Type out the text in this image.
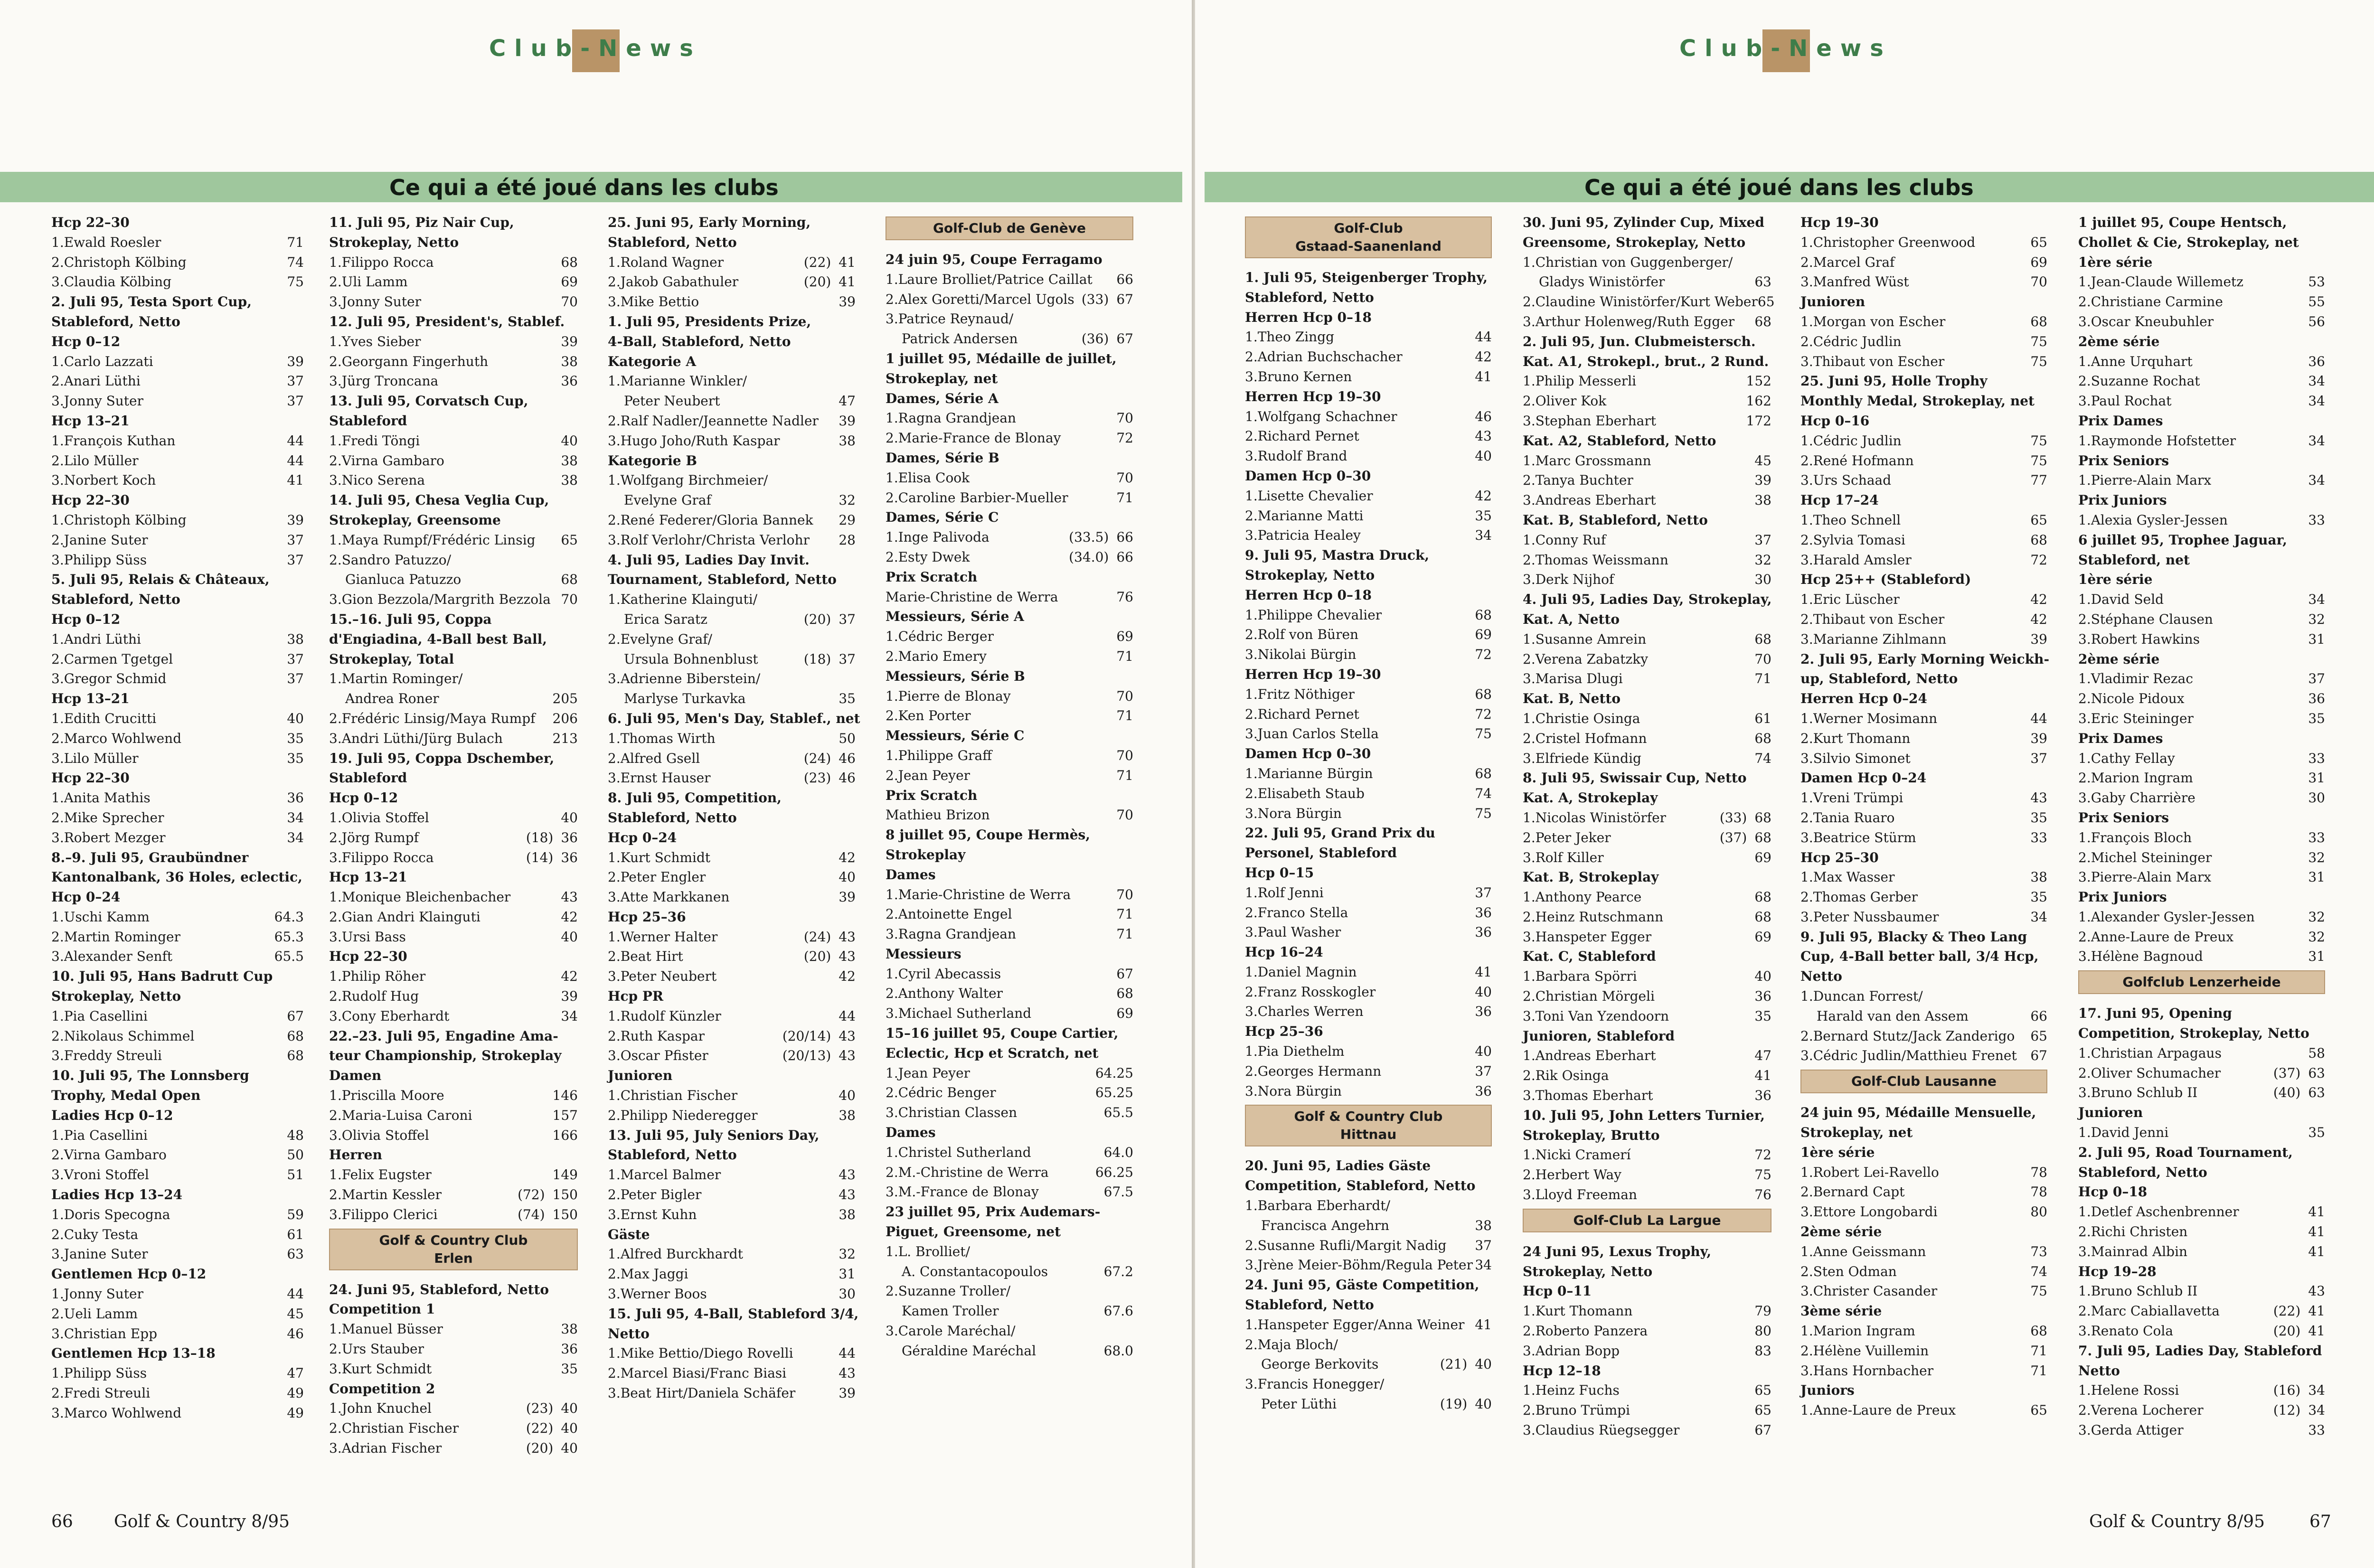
Club-News
Ce qui a été joué dans les clubs
Hcp 22–30
1.Ewald Roesler	71
2.Christoph Kölbing	74
3.Claudia Kölbing	75
2. Juli 95, Testa Sport Cup,
Stableford, Netto
Hcp 0–12
1.Carlo Lazzati	39
2.Anari Lüthi	37
3.Jonny Suter	37
Hcp 13–21
1.François Kuthan	44
2.Lilo Müller	44
3.Norbert Koch	41
Hcp 22–30
1.Christoph Kölbing	39
2.Janine Suter	37
3.Philipp Süss	37
5. Juli 95, Relais & Châteaux,
Stableford, Netto
Hcp 0–12
1.Andri Lüthi	38
2.Carmen Tgetgel	37
3.Gregor Schmid	37
Hcp 13–21
1.Edith Crucitti	40
2.Marco Wohlwend	35
3.Lilo Müller	35
Hcp 22–30
1.Anita Mathis	36
2.Mike Sprecher	34
3.Robert Mezger	34
8.–9. Juli 95, Graubündner
Kantonalbank, 36 Holes, eclectic,
Hcp 0–24
1.Uschi Kamm	64.3
2.Martin Rominger	65.3
3.Alexander Senft	65.5
10. Juli 95, Hans Badrutt Cup
Strokeplay, Netto
1.Pia Casellini	67
2.Nikolaus Schimmel	68
3.Freddy Streuli	68
10. Juli 95, The Lonnsberg
Trophy, Medal Open
Ladies Hcp 0–12
1.Pia Casellini	48
2.Virna Gambaro	50
3.Vroni Stoffel	51
Ladies Hcp 13–24
1.Doris Specogna	59
2.Cuky Testa	61
3.Janine Suter	63
Gentlemen Hcp 0–12
1.Jonny Suter	44
2.Ueli Lamm	45
3.Christian Epp	46
Gentlemen Hcp 13–18
1.Philipp Süss	47
2.Fredi Streuli	49
3.Marco Wohlwend	49
11. Juli 95, Piz Nair Cup,
Strokeplay, Netto
1.Filippo Rocca	68
2.Uli Lamm	69
3.Jonny Suter	70
12. Juli 95, President's, Stablef.
1.Yves Sieber	39
2.Georgann Fingerhuth	38
3.Jürg Troncana	36
13. Juli 95, Corvatsch Cup,
Stableford
1.Fredi Töngi	40
2.Virna Gambaro	38
3.Nico Serena	38
14. Juli 95, Chesa Veglia Cup,
Strokeplay, Greensome
1.Maya Rumpf/Frédéric Linsig 65
2.Sandro Patuzzo/
Gianluca Patuzzo	68
3.Gion Bezzola/Margrith Bezzola 70
15.–16. Juli 95, Coppa
d'Engiadina, 4-Ball best Ball,
Strokeplay, Total
1.Martin Rominger/
Andrea Roner	205
2.Frédéric Linsig/Maya Rumpf 206
3.Andri Lüthi/Jürg Bulach	213
19. Juli 95, Coppa Dschember,
Stableford
Hcp 0–12
1.Olivia Stoffel	40
2.Jörg Rumpf	(18) 36
3.Filippo Rocca	(14) 36
Hcp 13–21
1.Monique Bleichenbacher	43
2.Gian Andri Klainguti	42
3.Ursi Bass	40
Hcp 22–30
1.Philip Röher	42
2.Rudolf Hug	39
3.Cony Eberhardt	34
22.–23. Juli 95, Engadine Ama-
teur Championship, Strokeplay
Damen
1.Priscilla Moore	146
2.Maria-Luisa Caroni	157
3.Olivia Stoffel	166
Herren
1.Felix Eugster	149
2.Martin Kessler	(72) 150
3.Filippo Clerici	(74) 150
Golf & Country Club
Erlen
24. Juni 95, Stableford, Netto
Competition 1
1.Manuel Büsser	38
2.Urs Stauber	36
3.Kurt Schmidt	35
Competition 2
1.John Knuchel	(23) 40
2.Christian Fischer	(22) 40
3.Adrian Fischer	(20) 40
25. Juni 95, Early Morning,
Stableford, Netto
1.Roland Wagner	(22) 41
2.Jakob Gabathuler	(20) 41
3.Mike Bettio	39
1. Juli 95, Presidents Prize,
4-Ball, Stableford, Netto
Kategorie A
1.Marianne Winkler/
Peter Neubert	47
2.Ralf Nadler/Jeannette Nadler 39
3.Hugo Joho/Ruth Kaspar	38
Kategorie B
1.Wolfgang Birchmeier/
Evelyne Graf	32
2.René Federer/Gloria Bannek 29
3.Rolf Verlohr/Christa Verlohr 28
4. Juli 95, Ladies Day Invit.
Tournament, Stableford, Netto
1.Katherine Klainguti/
Erica Saratz	(20) 37
2.Evelyne Graf/
Ursula Bohnenblust	(18) 37
3.Adrienne Biberstein/
Marlyse Turkavka	35
6. Juli 95, Men's Day, Stablef., net
1.Thomas Wirth	50
2.Alfred Gsell	(24) 46
3.Ernst Hauser	(23) 46
8. Juli 95, Competition,
Stableford, Netto
Hcp 0–24
1.Kurt Schmidt	42
2.Peter Engler	40
3.Atte Markkanen	39
Hcp 25–36
1.Werner Halter	(24) 43
2.Beat Hirt	(20) 43
3.Peter Neubert	42
Hcp PR
1.Rudolf Künzler	44
2.Ruth Kaspar	(20/14) 43
3.Oscar Pfister	(20/13) 43
Junioren
1.Christian Fischer	40
2.Philipp Niederegger	38
13. Juli 95, July Seniors Day,
Stableford, Netto
1.Marcel Balmer	43
2.Peter Bigler	43
3.Ernst Kuhn	38
Gäste
1.Alfred Burckhardt	32
2.Max Jaggi	31
3.Werner Boos	30
15. Juli 95, 4-Ball, Stableford 3/4,
Netto
1.Mike Bettio/Diego Rovelli	44
2.Marcel Biasi/Franc Biasi	43
3.Beat Hirt/Daniela Schäfer	39
Golf-Club de Genève
24 juin 95, Coupe Ferragamo
1.Laure Brolliet/Patrice Caillat 66
2.Alex Goretti/Marcel Ugols (33) 67
3.Patrice Reynaud/
Patrick Andersen	(36) 67
1 juillet 95, Médaille de juillet,
Strokeplay, net
Dames, Série A
1.Ragna Grandjean	70
2.Marie-France de Blonay	72
Dames, Série B
1.Elisa Cook	70
2.Caroline Barbier-Mueller	71
Dames, Série C
1.Inge Palivoda	(33.5) 66
2.Esty Dwek	(34.0) 66
Prix Scratch
Marie-Christine de Werra	76
Messieurs, Série A
1.Cédric Berger	69
2.Mario Emery	71
Messieurs, Série B
1.Pierre de Blonay	70
2.Ken Porter	71
Messieurs, Série C
1.Philippe Graff	70
2.Jean Peyer	71
Prix Scratch
Mathieu Brizon	70
8 juillet 95, Coupe Hermès,
Strokeplay
Dames
1.Marie-Christine de Werra	70
2.Antoinette Engel	71
3.Ragna Grandjean	71
Messieurs
1.Cyril Abecassis	67
2.Anthony Walter	68
3.Michael Sutherland	69
15–16 juillet 95, Coupe Cartier,
Eclectic, Hcp et Scratch, net
1.Jean Peyer	64.25
2.Cédric Benger	65.25
3.Christian Classen	65.5
Dames
1.Christel Sutherland	64.0
2.M.-Christine de Werra	66.25
3.M.-France de Blonay	67.5
23 juillet 95, Prix Audemars-
Piguet, Greensome, net
1.L. Brolliet/
A. Constantacopoulos	67.2
2.Suzanne Troller/
Kamen Troller	67.6
3.Carole Maréchal/
Géraldine Maréchal	68.0
66 Golf & Country 8/95
Club-News
Ce qui a été joué dans les clubs
Golf-Club
Gstaad-Saanenland
1. Juli 95, Steigenberger Trophy,
Stableford, Netto
Herren Hcp 0–18
1.Theo Zingg	44
2.Adrian Buchschacher	42
3.Bruno Kernen	41
Herren Hcp 19–30
1.Wolfgang Schachner	46
2.Richard Pernet	43
3.Rudolf Brand	40
Damen Hcp 0–30
1.Lisette Chevalier	42
2.Marianne Matti	35
3.Patricia Healey	34
9. Juli 95, Mastra Druck,
Strokeplay, Netto
Herren Hcp 0–18
1.Philippe Chevalier	68
2.Rolf von Büren	69
3.Nikolai Bürgin	72
Herren Hcp 19–30
1.Fritz Nöthiger	68
2.Richard Pernet	72
3.Juan Carlos Stella	75
Damen Hcp 0–30
1.Marianne Bürgin	68
2.Elisabeth Staub	74
3.Nora Bürgin	75
22. Juli 95, Grand Prix du
Personel, Stableford
Hcp 0–15
1.Rolf Jenni	37
2.Franco Stella	36
3.Paul Washer	36
Hcp 16–24
1.Daniel Magnin	41
2.Franz Rosskogler	40
3.Charles Werren	36
Hcp 25–36
1.Pia Diethelm	40
2.Georges Hermann	37
3.Nora Bürgin	36
Golf & Country Club
Hittnau
20. Juni 95, Ladies Gäste
Competition, Stableford, Netto
1.Barbara Eberhardt/
Francisca Angehrn	38
2.Susanne Rufli/Margit Nadig 37
3.Jrène Meier-Böhm/Regula Peter 34
24. Juni 95, Gäste Competition,
Stableford, Netto
1.Hanspeter Egger/Anna Weiner 41
2.Maja Bloch/
George Berkovits	(21) 40
3.Francis Honegger/
Peter Lüthi	(19) 40
30. Juni 95, Zylinder Cup, Mixed
Greensome, Strokeplay, Netto
1.Christian von Guggenberger/
Gladys Winistörfer	63
2.Claudine Winistörfer/Kurt Weber 65
3.Arthur Holenweg/Ruth Egger 68
2. Juli 95, Jun. Clubmeistersch.
Kat. A1, Strokepl., brut., 2 Rund.
1.Philip Messerli	152
2.Oliver Kok	162
3.Stephan Eberhart	172
Kat. A2, Stableford, Netto
1.Marc Grossmann	45
2.Tanya Buchter	39
3.Andreas Eberhart	38
Kat. B, Stableford, Netto
1.Conny Ruf	37
2.Thomas Weissmann	32
3.Derk Nijhof	30
4. Juli 95, Ladies Day, Strokeplay,
Kat. A, Netto
1.Susanne Amrein	68
2.Verena Zabatzky	70
3.Marisa Dlugi	71
Kat. B, Netto
1.Christie Osinga	61
2.Cristel Hofmann	68
3.Elfriede Kündig	74
8. Juli 95, Swissair Cup, Netto
Kat. A, Strokeplay
1.Nicolas Winistörfer	(33) 68
2.Peter Jeker	(37) 68
3.Rolf Killer	69
Kat. B, Strokeplay
1.Anthony Pearce	68
2.Heinz Rutschmann	68
3.Hanspeter Egger	69
Kat. C, Stableford
1.Barbara Spörri	40
2.Christian Mörgeli	36
3.Toni Van Yzendoorn	35
Junioren, Stableford
1.Andreas Eberhart	47
2.Rik Osinga	41
3.Thomas Eberhart	36
10. Juli 95, John Letters Turnier,
Strokeplay, Brutto
1.Nicki Cramerí	72
2.Herbert Way	75
3.Lloyd Freeman	76
Golf-Club La Largue
24 Juni 95, Lexus Trophy,
Strokeplay, Netto
Hcp 0–11
1.Kurt Thomann	79
2.Roberto Panzera	80
3.Adrian Bopp	83
Hcp 12–18
1.Heinz Fuchs	65
2.Bruno Trümpi	65
3.Claudius Rüegsegger	67
Hcp 19–30
1.Christopher Greenwood	65
2.Marcel Graf	69
3.Manfred Wüst	70
Junioren
1.Morgan von Escher	68
2.Cédric Judlin	75
3.Thibaut von Escher	75
25. Juni 95, Holle Trophy
Monthly Medal, Strokeplay, net
Hcp 0–16
1.Cédric Judlin	75
2.René Hofmann	75
3.Urs Schaad	77
Hcp 17–24
1.Theo Schnell	65
2.Sylvia Tomasi	68
3.Harald Amsler	72
Hcp 25++ (Stableford)
1.Eric Lüscher	42
2.Thibaut von Escher	42
3.Marianne Zihlmann	39
2. Juli 95, Early Morning Weickh-
up, Stableford, Netto
Herren Hcp 0–24
1.Werner Mosimann	44
2.Kurt Thomann	39
3.Silvio Simonet	37
Damen Hcp 0–24
1.Vreni Trümpi	43
2.Tania Ruaro	35
3.Beatrice Stürm	33
Hcp 25–30
1.Max Wasser	38
2.Thomas Gerber	35
3.Peter Nussbaumer	34
9. Juli 95, Blacky & Theo Lang
Cup, 4-Ball better ball, 3/4 Hcp,
Netto
1.Duncan Forrest/
Harald van den Assem	66
2.Bernard Stutz/Jack Zanderigo 65
3.Cédric Judlin/Matthieu Frenet 67
Golf-Club Lausanne
24 juin 95, Médaille Mensuelle,
Strokeplay, net
1ère série
1.Robert Lei-Ravello	78
2.Bernard Capt	78
3.Ettore Longobardi	80
2ème série
1.Anne Geissmann	73
2.Sten Odman	74
3.Christer Casander	75
3ème série
1.Marion Ingram	68
2.Hélène Vuillemin	71
3.Hans Hornbacher	71
Juniors
1.Anne-Laure de Preux	65
1 juillet 95, Coupe Hentsch,
Chollet & Cie, Strokeplay, net
1ère série
1.Jean-Claude Willemetz	53
2.Christiane Carmine	55
3.Oscar Kneubuhler	56
2ème série
1.Anne Urquhart	36
2.Suzanne Rochat	34
3.Paul Rochat	34
Prix Dames
1.Raymonde Hofstetter	34
Prix Seniors
1.Pierre-Alain Marx	34
Prix Juniors
1.Alexia Gysler-Jessen	33
6 juillet 95, Trophee Jaguar,
Stableford, net
1ère série
1.David Seld	34
2.Stéphane Clausen	32
3.Robert Hawkins	31
2ème série
1.Vladimir Rezac	37
2.Nicole Pidoux	36
3.Eric Steininger	35
Prix Dames
1.Cathy Fellay	33
2.Marion Ingram	31
3.Gaby Charrière	30
Prix Seniors
1.François Bloch	33
2.Michel Steininger	32
3.Pierre-Alain Marx	31
Prix Juniors
1.Alexander Gysler-Jessen	32
2.Anne-Laure de Preux	32
3.Hélène Bagnoud	31
Golfclub Lenzerheide
17. Juni 95, Opening
Competition, Strokeplay, Netto
1.Christian Arpagaus	58
2.Oliver Schumacher	(37) 63
3.Bruno Schlub II	(40) 63
Junioren
1.David Jenni	35
2. Juli 95, Road Tournament,
Stableford, Netto
Hcp 0–18
1.Detlef Aschenbrenner	41
2.Richi Christen	41
3.Mainrad Albin	41
Hcp 19–28
1.Bruno Schlub II	43
2.Marc Cabiallavetta	(22) 41
3.Renato Cola	(20) 41
7. Juli 95, Ladies Day, Stableford
Netto
1.Helene Rossi	(16) 34
2.Verena Locherer	(12) 34
3.Gerda Attiger	33
Golf & Country 8/95	67
